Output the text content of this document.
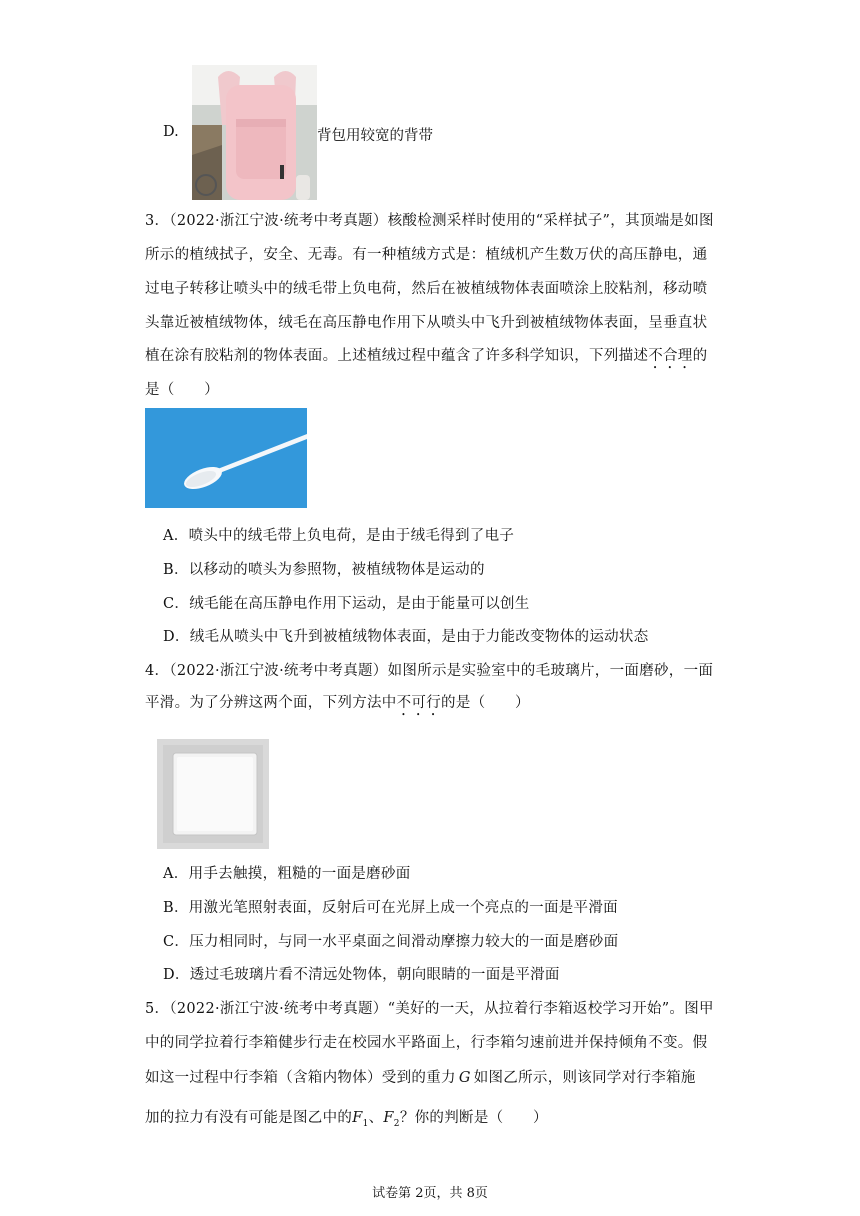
D.	背包用较宽的背带
3．（2022·浙江宁波·统考中考真题）核酸检测采样时使用的“采样拭子”，其顶端是如图
所示的植绒拭子，安全、无毒。有一种植绒方式是：植绒机产生数万伏的高压静电，通
过电子转移让喷头中的绒毛带上负电荷，然后在被植绒物体表面喷涂上胶粘剂，移动喷
头靠近被植绒物体，绒毛在高压静电作用下从喷头中飞升到被植绒物体表面，呈垂直状
植在涂有胶粘剂的物体表面。上述植绒过程中蕴含了许多科学知识，下列描述不合理的
是（　　）
A．喷头中的绒毛带上负电荷，是由于绒毛得到了电子
B．以移动的喷头为参照物，被植绒物体是运动的
C．绒毛能在高压静电作用下运动，是由于能量可以创生
D．绒毛从喷头中飞升到被植绒物体表面，是由于力能改变物体的运动状态
4．（2022·浙江宁波·统考中考真题）如图所示是实验室中的毛玻璃片，一面磨砂，一面
平滑。为了分辨这两个面，下列方法中不可行的是（　　）
A．用手去触摸，粗糙的一面是磨砂面
B．用激光笔照射表面，反射后可在光屏上成一个亮点的一面是平滑面
C．压力相同时，与同一水平桌面之间滑动摩擦力较大的一面是磨砂面
D．透过毛玻璃片看不清远处物体，朝向眼睛的一面是平滑面
5．（2022·浙江宁波·统考中考真题）“美好的一天，从拉着行李箱返校学习开始”。图甲
中的同学拉着行李箱健步行走在校园水平路面上，行李箱匀速前进并保持倾角不变。假
如这一过程中行李箱（含箱内物体）受到的重力 G 如图乙所示，则该同学对行李箱施
加的拉力有没有可能是图乙中的$F_1$、$F_2$？你的判断是（　　）
试卷第 2页，共 8页
